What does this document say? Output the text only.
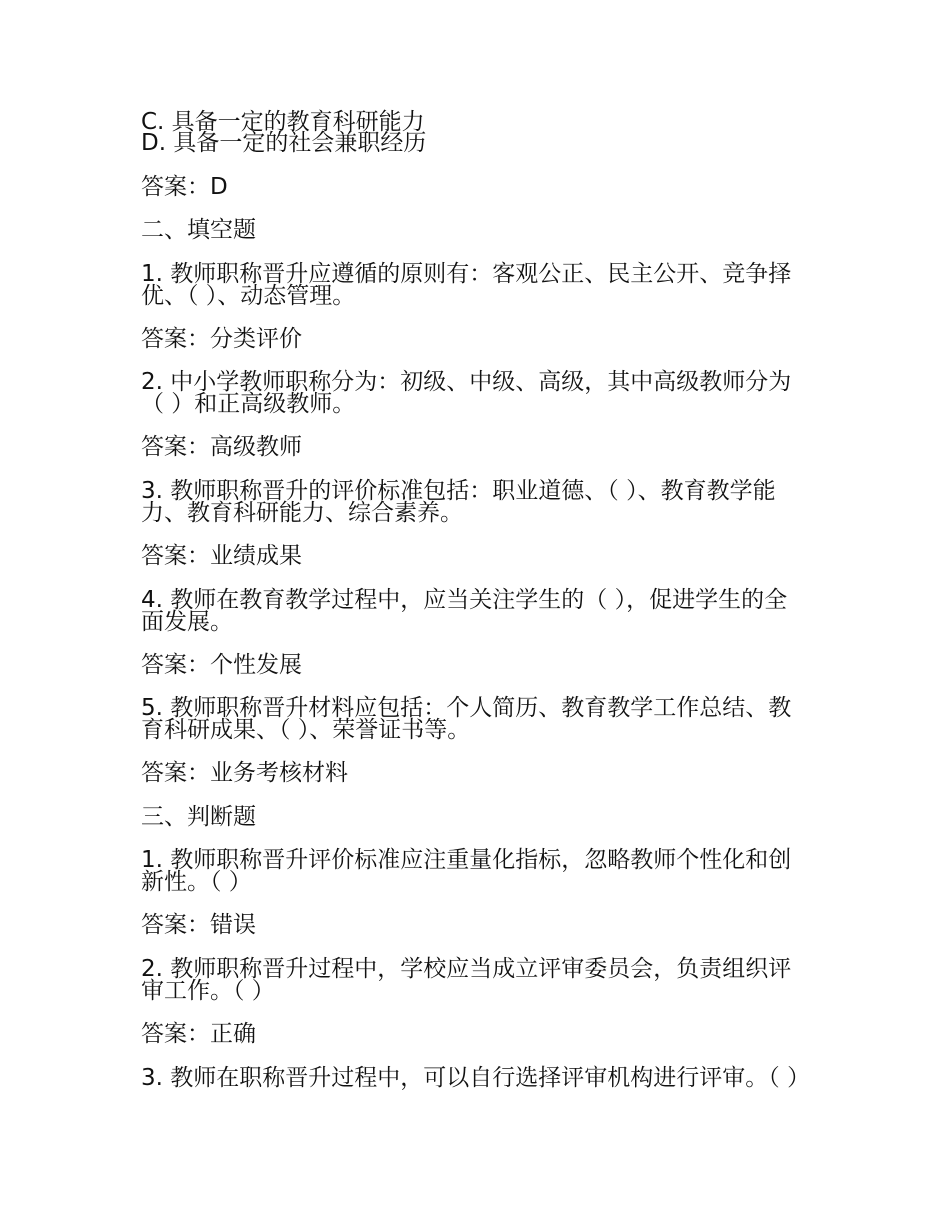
C. 具备一定的教育科研能力
D. 具备一定的社会兼职经历
答案：D
二、填空题
1. 教师职称晋升应遵循的原则有：客观公正、民主公开、竞争择优、（ ）、动态管理。
答案：分类评价
2. 中小学教师职称分为：初级、中级、高级，其中高级教师分为（ ）和正高级教师。
答案：高级教师
3. 教师职称晋升的评价标准包括：职业道德、（ ）、教育教学能力、教育科研能力、综合素养。
答案：业绩成果
4. 教师在教育教学过程中，应当关注学生的（ ），促进学生的全面发展。
答案：个性发展
5. 教师职称晋升材料应包括：个人简历、教育教学工作总结、教育科研成果、（ ）、荣誉证书等。
答案：业务考核材料
三、判断题
1. 教师职称晋升评价标准应注重量化指标，忽略教师个性化和创新性。（ ）
答案：错误
2. 教师职称晋升过程中，学校应当成立评审委员会，负责组织评审工作。（ ）
答案：正确
3. 教师在职称晋升过程中，可以自行选择评审机构进行评审。（ ）
